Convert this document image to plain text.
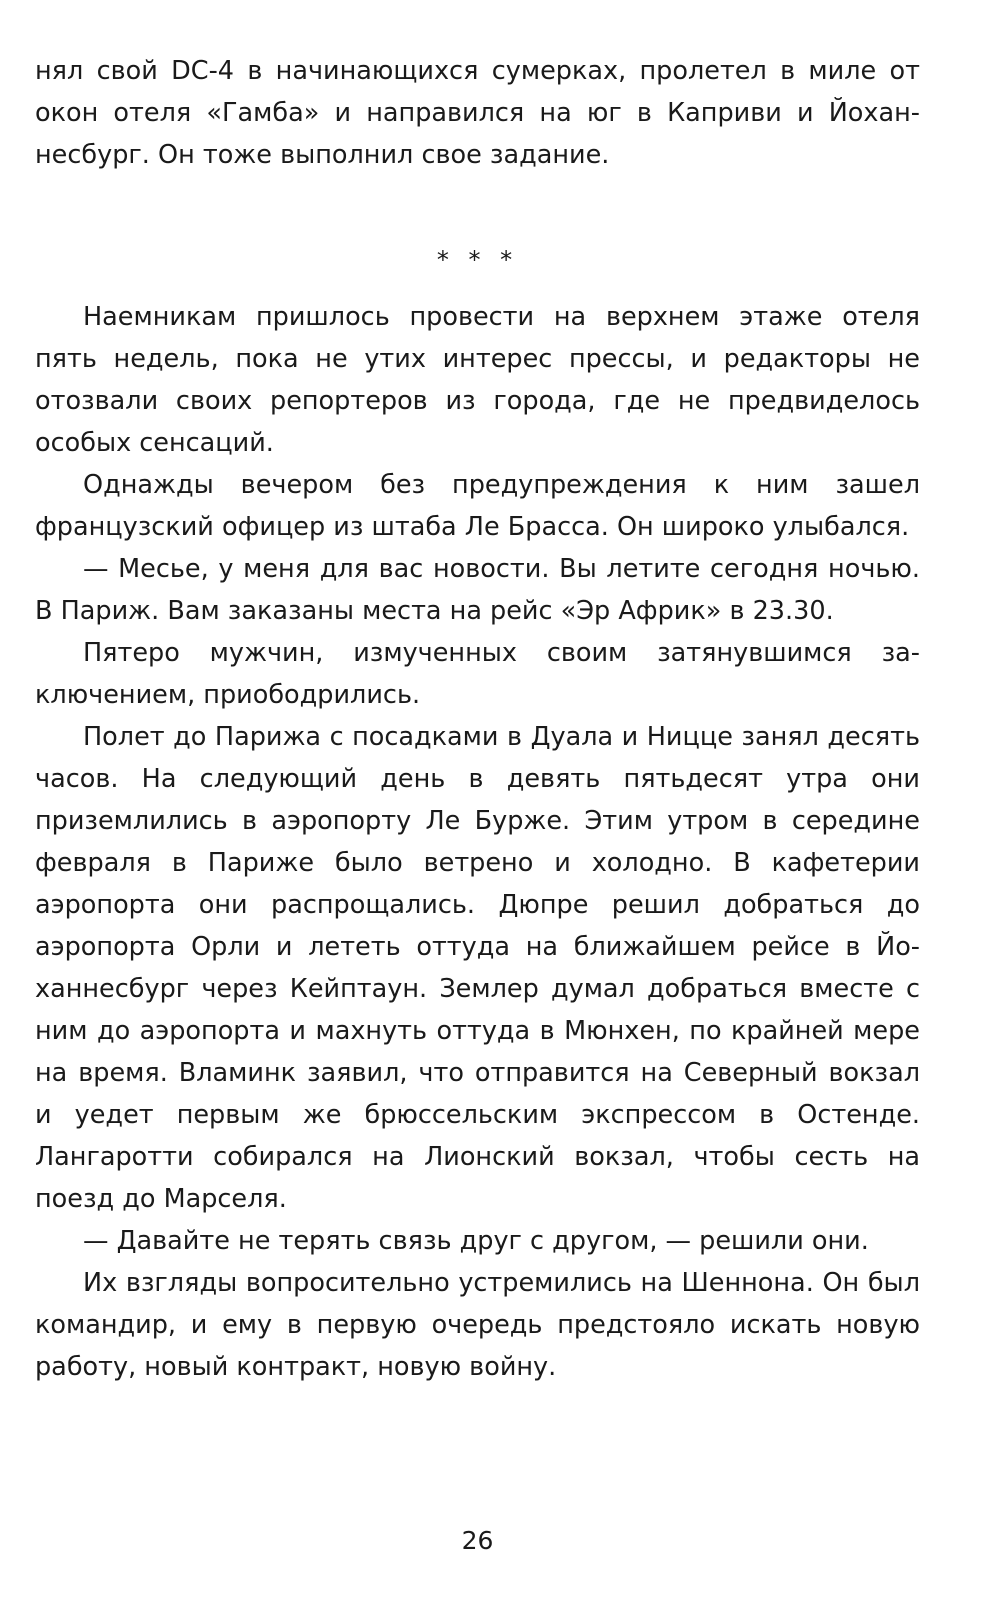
нял свой DC-4 в начинающихся сумерках, пролетел в миле от окон отеля «Гамба» и направился на юг в Каприви и Йоханнесбург. Он тоже выполнил свое задание.

* * *

Наемникам пришлось провести на верхнем этаже отеля пять недель, пока не утих интерес прессы, и редакторы не отозвали своих репортеров из города, где не предвиделось особых сенсаций.

Однажды вечером без предупреждения к ним зашел французский офицер из штаба Ле Брасса. Он широко улыбался.

— Месье, у меня для вас новости. Вы летите сегодня ночью. В Париж. Вам заказаны места на рейс «Эр Африк» в 23.30.

Пятеро мужчин, измученных своим затянувшимся заключением, приободрились.

Полет до Парижа с посадками в Дуала и Ницце занял десять часов. На следующий день в девять пятьдесят утра они приземлились в аэропорту Ле Бурже. Этим утром в середине февраля в Париже было ветрено и холодно. В кафетерии аэропорта они распрощались. Дюпре решил добраться до аэропорта Орли и лететь оттуда на ближайшем рейсе в Йоханнесбург через Кейптаун. Землер думал добраться вместе с ним до аэропорта и махнуть оттуда в Мюнхен, по крайней мере на время. Вламинк заявил, что отправится на Северный вокзал и уедет первым же брюссельским экспрессом в Остенде. Лангаротти собирался на Лионский вокзал, чтобы сесть на поезд до Марселя.

— Давайте не терять связь друг с другом, — решили они.

Их взгляды вопросительно устремились на Шеннона. Он был командир, и ему в первую очередь предстояло искать новую работу, новый контракт, новую войну.

26
